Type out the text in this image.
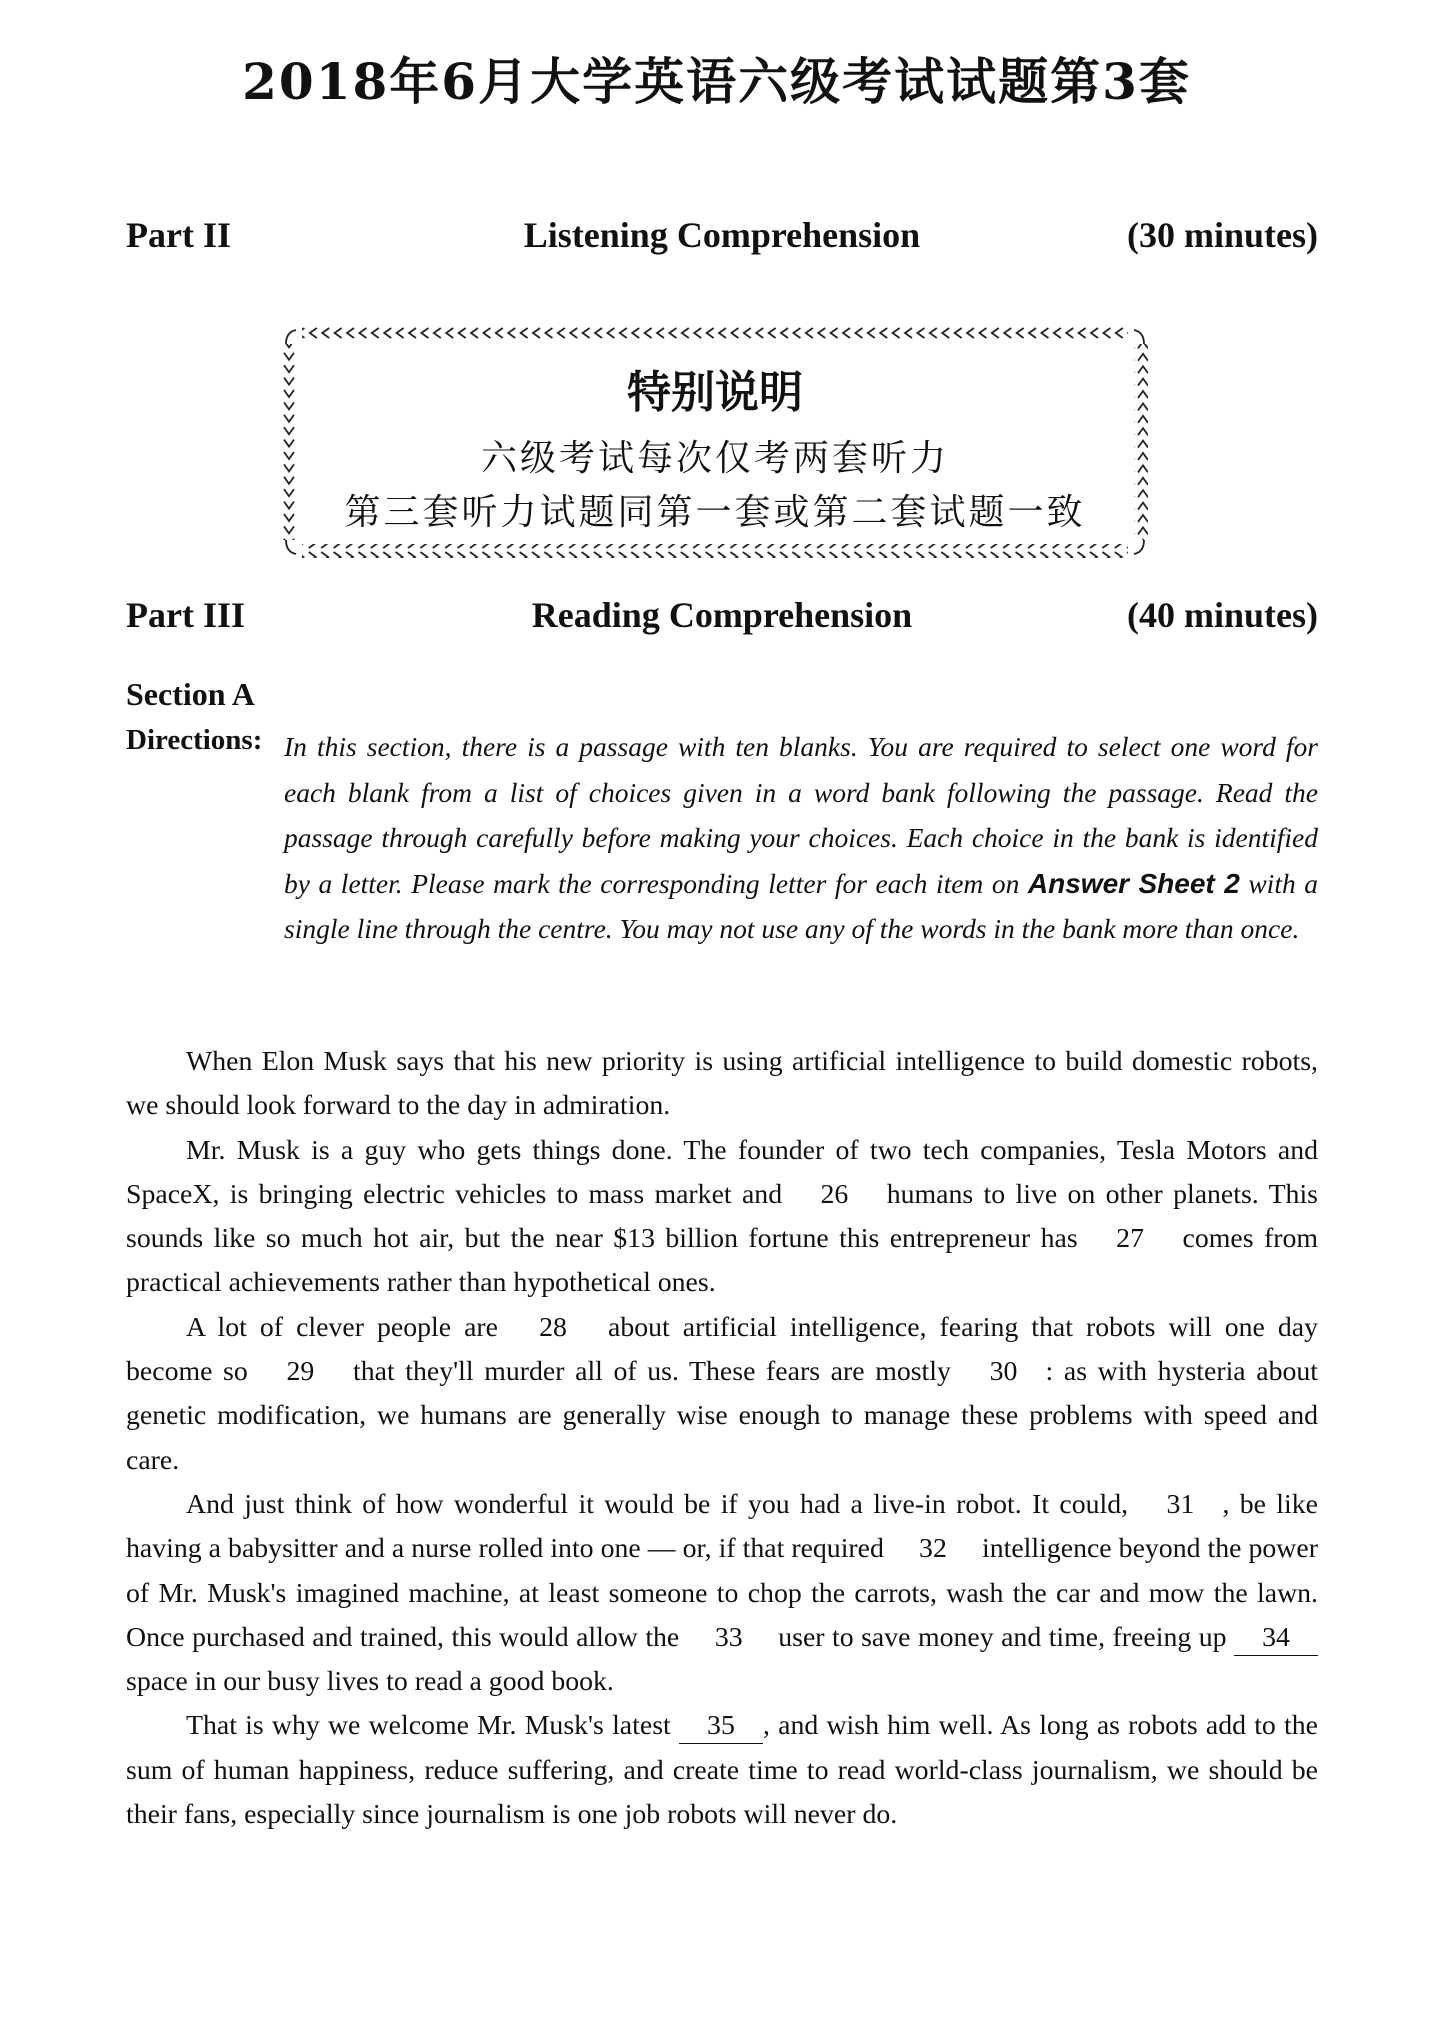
2018年6月大学英语六级考试试题第3套
Part II	Listening Comprehension	(30 minutes)
特别说明
六级考试每次仅考两套听力
第三套听力试题同第一套或第二套试题一致
Part III	Reading Comprehension	(40 minutes)
Section A
Directions: In this section, there is a passage with ten blanks. You are required to select one word for each blank from a list of choices given in a word bank following the passage. Read the passage through carefully before making your choices. Each choice in the bank is identified by a letter. Please mark the corresponding letter for each item on Answer Sheet 2 with a single line through the centre. You may not use any of the words in the bank more than once.

When Elon Musk says that his new priority is using artificial intelligence to build domestic robots, we should look forward to the day in admiration.

Mr. Musk is a guy who gets things done. The founder of two tech companies, Tesla Motors and SpaceX, is bringing electric vehicles to mass market and 26 humans to live on other planets. This sounds like so much hot air, but the near $13 billion fortune this entrepreneur has 27 comes from practical achievements rather than hypothetical ones.

A lot of clever people are 28 about artificial intelligence, fearing that robots will one day become so 29 that they'll murder all of us. These fears are mostly 30 : as with hysteria about genetic modification, we humans are generally wise enough to manage these problems with speed and care.

And just think of how wonderful it would be if you had a live-in robot. It could, 31 , be like having a babysitter and a nurse rolled into one — or, if that required 32 intelligence beyond the power of Mr. Musk's imagined machine, at least someone to chop the carrots, wash the car and mow the lawn. Once purchased and trained, this would allow the 33 user to save money and time, freeing up 34 space in our busy lives to read a good book.

That is why we welcome Mr. Musk's latest 35 , and wish him well. As long as robots add to the sum of human happiness, reduce suffering, and create time to read world-class journalism, we should be their fans, especially since journalism is one job robots will never do.
